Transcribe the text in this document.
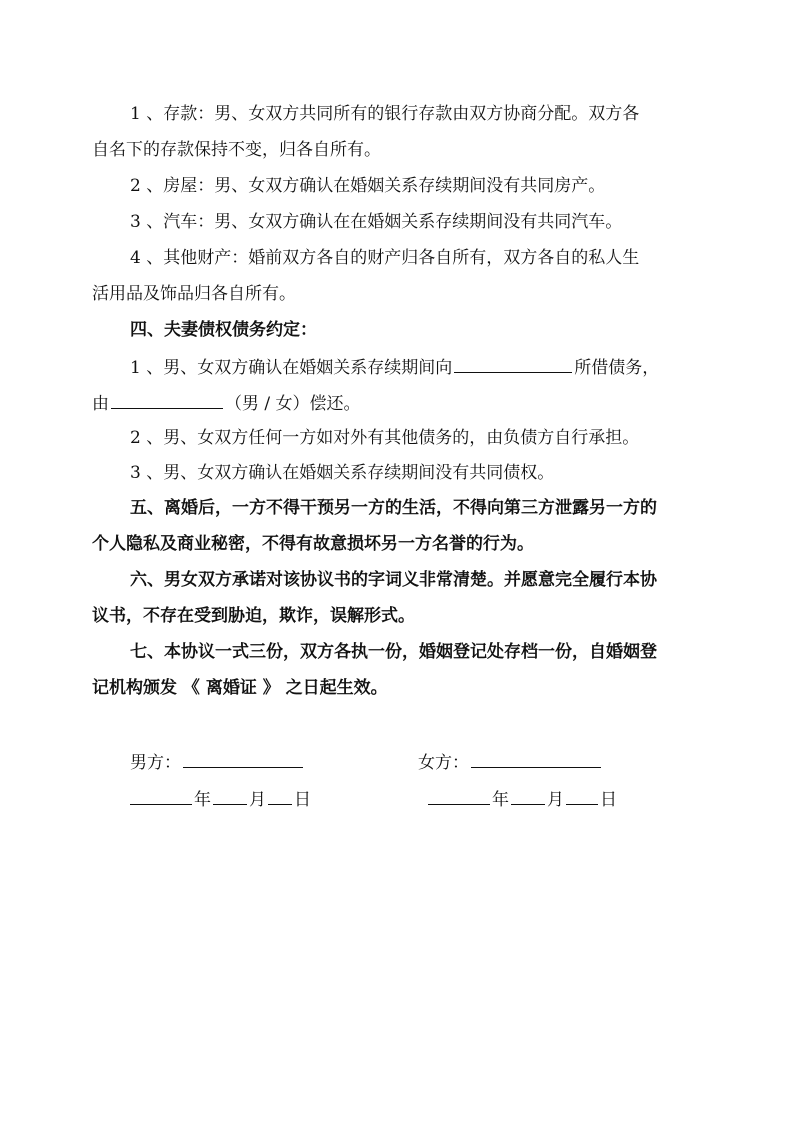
1 、存款：男、女双方共同所有的银行存款由双方协商分配。双方各
自名下的存款保持不变，归各自所有。
2 、房屋：男、女双方确认在婚姻关系存续期间没有共同房产。
3 、汽车：男、女双方确认在在婚姻关系存续期间没有共同汽车。
4 、其他财产：婚前双方各自的财产归各自所有，双方各自的私人生
活用品及饰品归各自所有。
四、夫妻债权债务约定：
1 、男、女双方确认在婚姻关系存续期间向	所借债务，
由	（男 / 女）偿还。
2 、男、女双方任何一方如对外有其他债务的，由负债方自行承担。
3 、男、女双方确认在婚姻关系存续期间没有共同债权。
五、离婚后，一方不得干预另一方的生活，不得向第三方泄露另一方的
个人隐私及商业秘密，不得有故意损坏另一方名誉的行为。
六、男女双方承诺对该协议书的字词义非常清楚。并愿意完全履行本协
议书，不存在受到胁迫，欺诈，误解形式。
七、本协议一式三份，双方各执一份，婚姻登记处存档一份，自婚姻登
记机构颁发 《 离婚证 》 之日起生效。
男方：	女方：
年 月 日	年 月 日
